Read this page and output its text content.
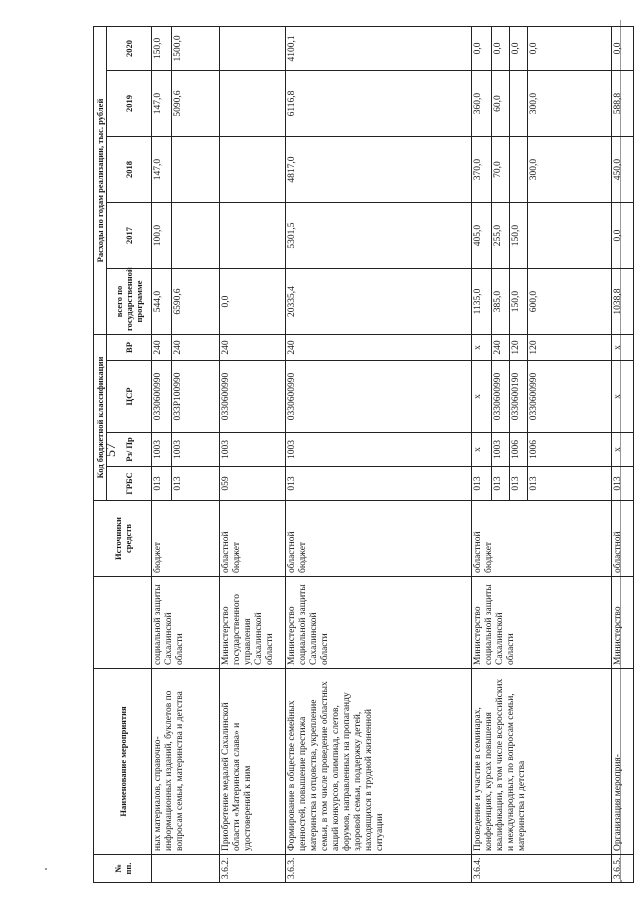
57
№ пп.	Наименование мероприятия		Источники средств	Код бюджетной классификации				Расходы по годам реализации, тыс. рублей				
				ГРБС	Рз/ Пр	ЦСР	ВР	всего по государственной программе	2017	2018	2019	2020
	ных материалов, справочно-информационных изданий, буклетов по вопросам семьи, материнства и детства	социальной защиты Сахалинской области	бюджет	013	1003	0330600990	240	544,0	100,0	147,0	147,0	150,0
				013	1003	033P100990	240	6590,6			5090,6	1500,0
3.6.2.	Приобретение медалей Сахалинской области «Материнская слава» и удостоверений к ним	Министерство государственного управления Сахалинской области	областной бюджет	059	1003	0330600990	240	0,0				
3.6.3.	Формирование в обществе семейных ценностей, повышение престижа материнства и отцовства, укрепление семьи, в том числе проведение областных акций конкурсов, олимпиад, слетов, форумов, направленных на пропаганду здоровой семьи, поддержку детей, находящихся в трудной жизненной ситуации	Министерство социальной защиты Сахалинской области	областной бюджет	013	1003	0330600990	240	20335,4	5301,5	4817,0	6116,8	4100,1
3.6.4.	Проведение и участие в семинарах, конференциях, курсах повышения квалификации, в том числе всероссийских и международных, по вопросам семьи, материнства и детства	Министерство социальной защиты Сахалинской области	областной бюджет	013	х	х	х	1135,0	405,0	370,0	360,0	0,0
				013	1003	0330600990	240	385,0	255,0	70,0	60,0	0,0
				013	1006	0330600190	120	150,0	150,0			0,0
				013	1006	0330600990	120	600,0		300,0	300,0	0,0
3.6.5.	Организация мероприя-	Министерство	областной	013	х	х	х	1038,8	0,0	450,0	588,8	0,0
